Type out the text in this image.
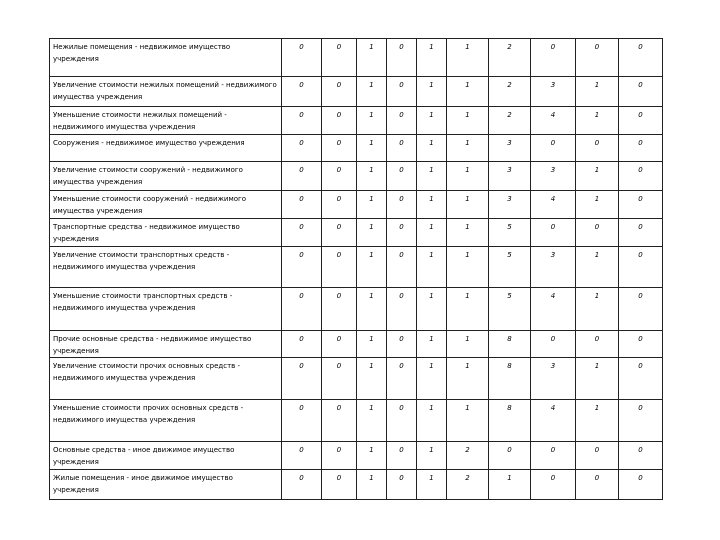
Нежилые помещения - недвижимое имущество учреждения	0	0	1	0	1	1	2	0	0	0
Увеличение стоимости нежилых помещений - недвижимого имущества учреждения	0	0	1	0	1	1	2	3	1	0
Уменьшение стоимости нежилых помещений - недвижимого имущества учреждения	0	0	1	0	1	1	2	4	1	0
Сооружения - недвижимое имущество учреждения	0	0	1	0	1	1	3	0	0	0
Увеличение стоимости сооружений - недвижимого имущества учреждения	0	0	1	0	1	1	3	3	1	0
Уменьшение стоимости сооружений - недвижимого имущества учреждения	0	0	1	0	1	1	3	4	1	0
Транспортные средства - недвижимое имущество учреждения	0	0	1	0	1	1	5	0	0	0
Увеличение стоимости транспортных средств - недвижимого имущества учреждения	0	0	1	0	1	1	5	3	1	0
Уменьшение стоимости транспортных средств - недвижимого имущества учреждения	0	0	1	0	1	1	5	4	1	0
Прочие основные средства - недвижимое имущество учреждения	0	0	1	0	1	1	8	0	0	0
Увеличение стоимости прочих основных средств - недвижимого имущества учреждения	0	0	1	0	1	1	8	3	1	0
Уменьшение стоимости прочих основных средств - недвижимого имущества учреждения	0	0	1	0	1	1	8	4	1	0
Основные средства - иное движимое имущество учреждения	0	0	1	0	1	2	0	0	0	0
Жилые помещения - иное движимое имущество учреждения	0	0	1	0	1	2	1	0	0	0
